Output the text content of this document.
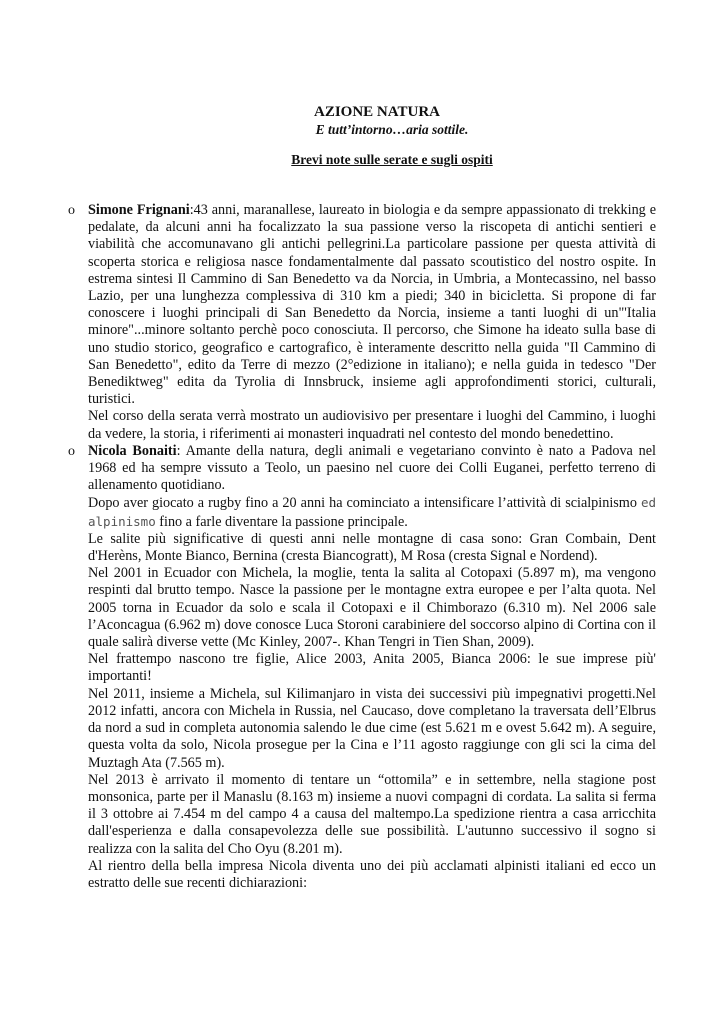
AZIONE NATURA

E tutt’intorno…aria sottile.

Brevi note sulle serate e sugli ospiti

o Simone Frignani:43 anni, maranallese, laureato in biologia e da sempre appassionato di trekking e pedalate, da alcuni anni ha focalizzato la sua passione verso la riscopeta di antichi sentieri e viabilità che accomunavano gli antichi pellegrini.La particolare passione per questa attività di scoperta storica e religiosa nasce fondamentalmente dal passato scoutistico del nostro ospite. In estrema sintesi Il Cammino di San Benedetto va da Norcia, in Umbria, a Montecassino, nel basso Lazio, per una lunghezza complessiva di 310 km a piedi; 340 in bicicletta. Si propone di far conoscere i luoghi principali di San Benedetto da Norcia, insieme a tanti luoghi di un"'Italia minore"...minore soltanto perchè poco conosciuta. Il percorso, che Simone ha ideato sulla base di uno studio storico, geografico e cartografico, è interamente descritto nella guida "Il Cammino di San Benedetto", edito da Terre di mezzo (2°edizione in italiano); e nella guida in tedesco "Der Benediktweg" edita da Tyrolia di Innsbruck, insieme agli approfondimenti storici, culturali, turistici.

Nel corso della serata verrà mostrato un audiovisivo per presentare i luoghi del Cammino, i luoghi da vedere, la storia, i riferimenti ai monasteri inquadrati nel contesto del mondo benedettino.

o Nicola Bonaiti: Amante della natura, degli animali e vegetariano convinto è nato a Padova nel 1968 ed ha sempre vissuto a Teolo, un paesino nel cuore dei Colli Euganei, perfetto terreno di allenamento quotidiano.

Dopo aver giocato a rugby fino a 20 anni ha cominciato a intensificare l’attività di scialpinismo ed alpinismo fino a farle diventare la passione principale.

Le salite più significative di questi anni nelle montagne di casa sono: Gran Combain, Dent d'Herèns, Monte Bianco, Bernina (cresta Biancogratt), M Rosa (cresta Signal e Nordend).

Nel 2001 in Ecuador con Michela, la moglie, tenta la salita al Cotopaxi (5.897 m), ma vengono respinti dal brutto tempo. Nasce la passione per le montagne extra europee e per l’alta quota. Nel 2005 torna in Ecuador da solo e scala il Cotopaxi e il Chimborazo (6.310 m). Nel 2006 sale l’Aconcagua (6.962 m) dove conosce Luca Storoni carabiniere del soccorso alpino di Cortina con il quale salirà diverse vette (Mc Kinley, 2007-. Khan Tengri in Tien Shan, 2009).

Nel frattempo nascono tre figlie, Alice 2003, Anita 2005, Bianca 2006: le sue imprese più' importanti!

Nel 2011, insieme a Michela, sul Kilimanjaro in vista dei successivi più impegnativi progetti.Nel 2012 infatti, ancora con Michela in Russia, nel Caucaso, dove completano la traversata dell’Elbrus da nord a sud in completa autonomia salendo le due cime (est 5.621 m e ovest 5.642 m). A seguire, questa volta da solo, Nicola prosegue per la Cina e l’11 agosto raggiunge con gli sci la cima del Muztagh Ata (7.565 m).

Nel 2013 è arrivato il momento di tentare un “ottomila” e in settembre, nella stagione post monsonica, parte per il Manaslu (8.163 m) insieme a nuovi compagni di cordata. La salita si ferma il 3 ottobre ai 7.454 m del campo 4 a causa del maltempo.La spedizione rientra a casa arricchita dall'esperienza e dalla consapevolezza delle sue possibilità. L'autunno successivo il sogno si realizza con la salita del Cho Oyu (8.201 m).

Al rientro della bella impresa Nicola diventa uno dei più acclamati alpinisti italiani ed ecco un estratto delle sue recenti dichiarazioni:
